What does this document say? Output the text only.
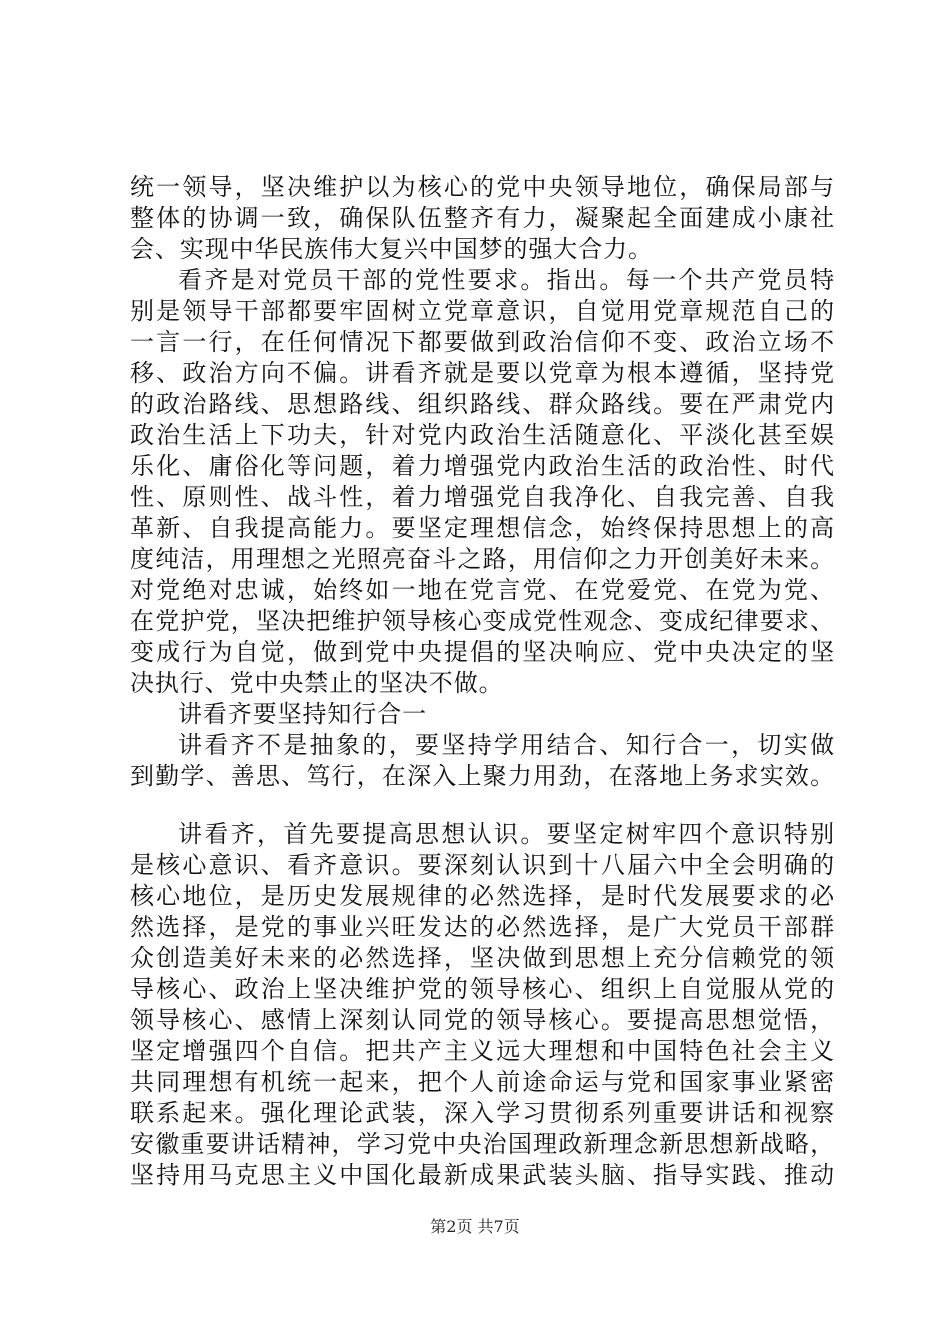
统一领导，坚决维护以为核心的党中央领导地位，确保局部与
整体的协调一致，确保队伍整齐有力，凝聚起全面建成小康社
会、实现中华民族伟大复兴中国梦的强大合力。
看齐是对党员干部的党性要求。指出。每一个共产党员特
别是领导干部都要牢固树立党章意识，自觉用党章规范自己的
一言一行，在任何情况下都要做到政治信仰不变、政治立场不
移、政治方向不偏。讲看齐就是要以党章为根本遵循，坚持党
的政治路线、思想路线、组织路线、群众路线。要在严肃党内
政治生活上下功夫，针对党内政治生活随意化、平淡化甚至娱
乐化、庸俗化等问题，着力增强党内政治生活的政治性、时代
性、原则性、战斗性，着力增强党自我净化、自我完善、自我
革新、自我提高能力。要坚定理想信念，始终保持思想上的高
度纯洁，用理想之光照亮奋斗之路，用信仰之力开创美好未来。
对党绝对忠诚，始终如一地在党言党、在党爱党、在党为党、
在党护党，坚决把维护领导核心变成党性观念、变成纪律要求、
变成行为自觉，做到党中央提倡的坚决响应、党中央决定的坚
决执行、党中央禁止的坚决不做。
讲看齐要坚持知行合一
讲看齐不是抽象的，要坚持学用结合、知行合一，切实做
到勤学、善思、笃行，在深入上聚力用劲，在落地上务求实效。
讲看齐，首先要提高思想认识。要坚定树牢四个意识特别
是核心意识、看齐意识。要深刻认识到十八届六中全会明确的
核心地位，是历史发展规律的必然选择，是时代发展要求的必
然选择，是党的事业兴旺发达的必然选择，是广大党员干部群
众创造美好未来的必然选择，坚决做到思想上充分信赖党的领
导核心、政治上坚决维护党的领导核心、组织上自觉服从党的
领导核心、感情上深刻认同党的领导核心。要提高思想觉悟，
坚定增强四个自信。把共产主义远大理想和中国特色社会主义
共同理想有机统一起来，把个人前途命运与党和国家事业紧密
联系起来。强化理论武装，深入学习贯彻系列重要讲话和视察
安徽重要讲话精神，学习党中央治国理政新理念新思想新战略，
坚持用马克思主义中国化最新成果武装头脑、指导实践、推动
第2页 共7页
